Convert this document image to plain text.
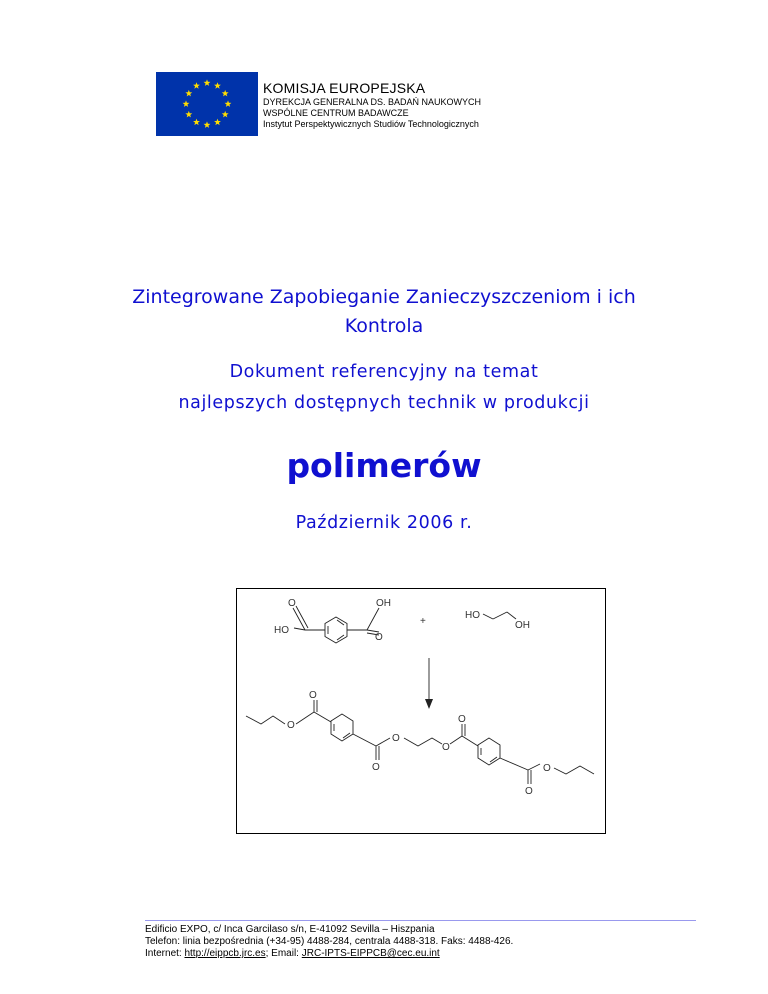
KOMISJA EUROPEJSKA
DYREKCJA GENERALNA DS. BADAŃ NAUKOWYCH
WSPÓLNE CENTRUM BADAWCZE
Instytut Perspektywicznych Studiów Technologicznych
Zintegrowane Zapobieganie Zanieczyszczeniom i ich
Kontrola
Dokument referencyjny na temat
najlepszych dostępnych technik w produkcji
polimerów
Październik 2006 r.
O	OH
HO
O
+
HO
OH
O
O
O
O
O
O
O
O
Edificio EXPO, c/ Inca Garcilaso s/n, E-41092 Sevilla – Hiszpania
Telefon: linia bezpośrednia (+34-95) 4488-284, centrala 4488-318. Faks: 4488-426.
Internet: http://eippcb.jrc.es; Email: JRC-IPTS-EIPPCB@cec.eu.int
